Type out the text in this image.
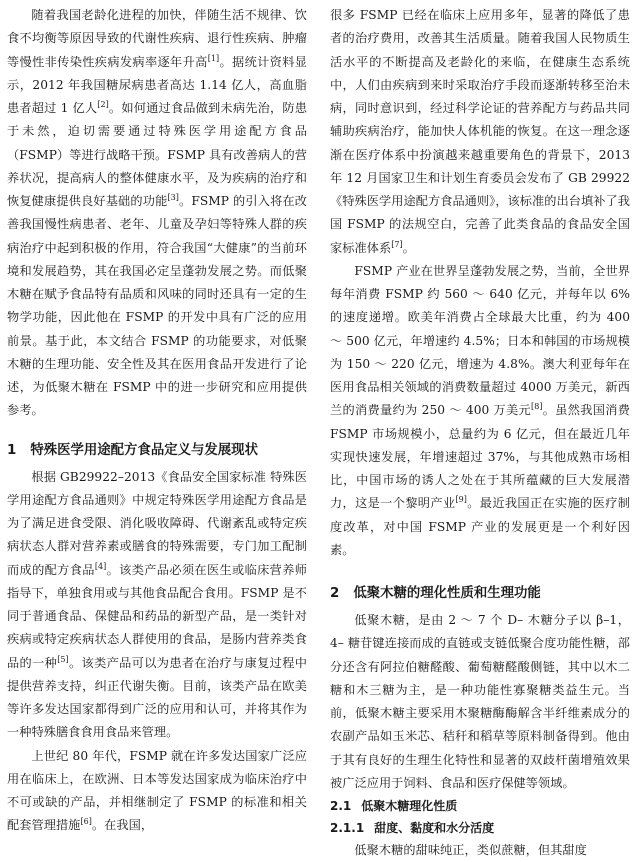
随着我国老龄化进程的加快，伴随生活不规律、饮食不均衡等原因导致的代谢性疾病、退行性疾病、肿瘤等慢性非传染性疾病发病率逐年升高[1]。据统计资料显示，2012 年我国糖尿病患者高达 1.14 亿人，高血脂患者超过 1 亿人[2]。如何通过食品做到未病先治，防患于未然，迫切需要通过特殊医学用途配方食品（FSMP）等进行战略干预。FSMP 具有改善病人的营养状况，提高病人的整体健康水平，及为疾病的治疗和恢复健康提供良好基础的功能[3]。FSMP 的引入将在改善我国慢性病患者、老年、儿童及孕妇等特殊人群的疾病治疗中起到积极的作用，符合我国“大健康”的当前环境和发展趋势，其在我国必定呈蓬勃发展之势。而低聚木糖在赋予食品特有品质和风味的同时还具有一定的生物学功能，因此他在 FSMP 的开发中具有广泛的应用前景。基于此，本文结合 FSMP 的功能要求，对低聚木糖的生理功能、安全性及其在医用食品开发进行了论述，为低聚木糖在 FSMP 中的进一步研究和应用提供参考。

1 特殊医学用途配方食品定义与发展现状

根据 GB29922–2013《食品安全国家标准 特殊医学用途配方食品通则》中规定特殊医学用途配方食品是为了满足进食受限、消化吸收障碍、代谢紊乱或特定疾病状态人群对营养素或膳食的特殊需要，专门加工配制而成的配方食品[4]。该类产品必须在医生或临床营养师指导下，单独食用或与其他食品配合食用。FSMP 是不同于普通食品、保健品和药品的新型产品，是一类针对疾病或特定疾病状态人群使用的食品，是肠内营养类食品的一种[5]。该类产品可以为患者在治疗与康复过程中提供营养支持，纠正代谢失衡。目前，该类产品在欧美等许多发达国家都得到广泛的应用和认可，并将其作为一种特殊膳食食用食品来管理。

上世纪 80 年代，FSMP 就在许多发达国家广泛应用在临床上，在欧洲、日本等发达国家成为临床治疗中不可或缺的产品，并相继制定了 FSMP 的标准和相关配套管理措施[6]。在我国，

很多 FSMP 已经在临床上应用多年，显著的降低了患者的治疗费用，改善其生活质量。随着我国人民物质生活水平的不断提高及老龄化的来临，在健康生态系统中，人们由疾病到来时采取治疗手段而逐渐转移至治未病，同时意识到，经过科学论证的营养配方与药品共同辅助疾病治疗，能加快人体机能的恢复。在这一理念逐渐在医疗体系中扮演越来越重要角色的背景下，2013 年 12 月国家卫生和计划生育委员会发布了 GB 29922《特殊医学用途配方食品通则》，该标准的出台填补了我国 FSMP 的法规空白，完善了此类食品的食品安全国家标准体系[7]。

FSMP 产业在世界呈蓬勃发展之势，当前，全世界每年消费 FSMP 约 560 ～ 640 亿元，并每年以 6% 的速度递增。欧美年消费占全球最大比重，约为 400 ～ 500 亿元，年增速约 4.5%；日本和韩国的市场规模为 150 ～ 220 亿元，增速为 4.8%。澳大利亚每年在医用食品相关领域的消费数量超过 4000 万美元，新西兰的消费量约为 250 ～ 400 万美元[8]。虽然我国消费 FSMP 市场规模小，总量约为 6 亿元，但在最近几年实现快速发展，年增速超过 37%，与其他成熟市场相比，中国市场的诱人之处在于其所蕴藏的巨大发展潜力，这是一个黎明产业[9]。最近我国正在实施的医疗制度改革，对中国 FSMP 产业的发展更是一个利好因素。

2 低聚木糖的理化性质和生理功能

低聚木糖，是由 2 ～ 7 个 D– 木糖分子以 β–1，4– 糖苷键连接而成的直链或支链低聚合度功能性糖，部分还含有阿拉伯糖醛酸、葡萄糖醛酸侧链，其中以木二糖和木三糖为主，是一种功能性寡聚糖类益生元。当前，低聚木糖主要采用木聚糖酶酶解含半纤维素成分的农副产品如玉米芯、秸秆和稻草等原料制备得到。他由于其有良好的生理生化特性和显著的双歧杆菌增殖效果被广泛应用于饲料、食品和医疗保健等领域。

2.1 低聚木糖理化性质
2.1.1 甜度、黏度和水分活度

低聚木糖的甜味纯正，类似蔗糖，但其甜度
